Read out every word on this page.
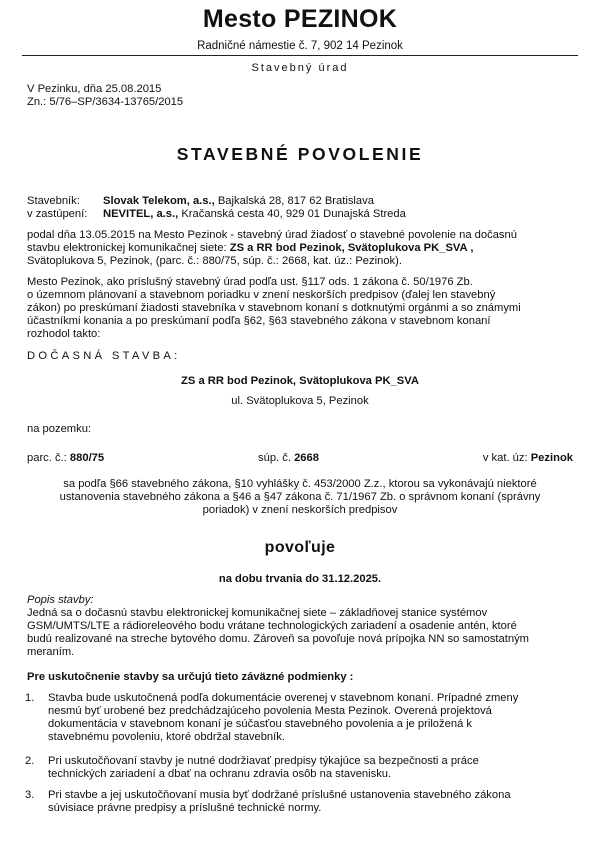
Mesto PEZINOK
Radničné námestie č. 7, 902 14 Pezinok
Stavebný úrad
V Pezinku, dňa 25.08.2015
Zn.: 5/76–SP/3634-13765/2015
STAVEBNÉ POVOLENIE
Stavebník: Slovak Telekom, a.s., Bajkalská 28, 817 62 Bratislava
v zastúpení: NEVITEL, a.s., Kračanská cesta 40, 929 01 Dunajská Streda
podal dňa 13.05.2015 na Mesto Pezinok - stavebný úrad žiadosť o stavebné povolenie na dočasnú
stavbu elektronickej komunikačnej siete: ZS a RR bod Pezinok, Svätoplukova PK_SVA ,
Svätoplukova 5, Pezinok, (parc. č.: 880/75, súp. č.: 2668, kat. úz.: Pezinok).
Mesto Pezinok, ako príslušný stavebný úrad podľa ust. §117 ods. 1 zákona č. 50/1976 Zb.
o územnom plánovaní a stavebnom poriadku v znení neskorších predpisov (ďalej len stavebný
zákon) po preskúmaní žiadosti stavebníka v stavebnom konaní s dotknutými orgánmi a so známymi
účastníkmi konania a po preskúmaní podľa §62, §63 stavebného zákona v stavebnom konaní
rozhodol takto:
DOČASNÁ STAVBA:
ZS a RR bod Pezinok, Svätoplukova PK_SVA
ul. Svätoplukova 5, Pezinok
na pozemku:
parc. č.: 880/75	súp. č. 2668	v kat. úz: Pezinok
sa podľa §66 stavebného zákona, §10 vyhlášky č. 453/2000 Z.z., ktorou sa vykonávajú niektoré
ustanovenia stavebného zákona a §46 a §47 zákona č. 71/1967 Zb. o správnom konaní (správny
poriadok) v znení neskorších predpisov
povoľuje
na dobu trvania do 31.12.2025.
Popis stavby:
Jedná sa o dočasnú stavbu elektronickej komunikačnej siete – základňovej stanice systémov
GSM/UMTS/LTE a rádioreleového bodu vrátane technologických zariadení a osadenie antén, ktoré
budú realizované na streche bytového domu. Zároveň sa povoľuje nová prípojka NN so samostatným
meraním.
Pre uskutočnenie stavby sa určujú tieto záväzné podmienky :
1. Stavba bude uskutočnená podľa dokumentácie overenej v stavebnom konaní. Prípadné zmeny
nesmú byť urobené bez predchádzajúceho povolenia Mesta Pezinok. Overená projektová
dokumentácia v stavebnom konaní je súčasťou stavebného povolenia a je priložená k
stavebnému povoleniu, ktoré obdržal stavebník.
2. Pri uskutočňovaní stavby je nutné dodržiavať predpisy týkajúce sa bezpečnosti a práce
technických zariadení a dbať na ochranu zdravia osôb na stavenisku.
3. Pri stavbe a jej uskutočňovaní musia byť dodržané príslušné ustanovenia stavebného zákona
súvisiace právne predpisy a príslušné technické normy.
